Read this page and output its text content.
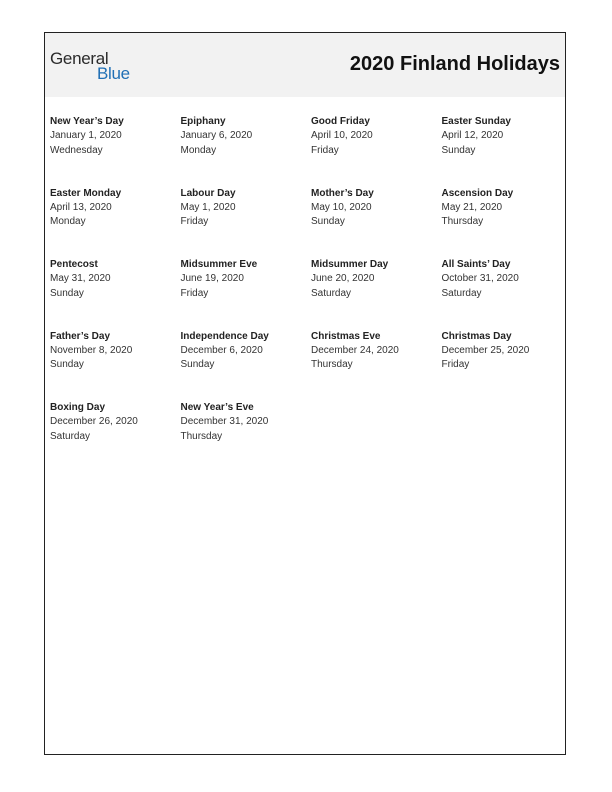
General
Blue	2020 Finland Holidays
New Year’s Day
January 1, 2020
Wednesday
Epiphany
January 6, 2020
Monday
Good Friday
April 10, 2020
Friday
Easter Sunday
April 12, 2020
Sunday
Easter Monday
April 13, 2020
Monday
Labour Day
May 1, 2020
Friday
Mother’s Day
May 10, 2020
Sunday
Ascension Day
May 21, 2020
Thursday
Pentecost
May 31, 2020
Sunday
Midsummer Eve
June 19, 2020
Friday
Midsummer Day
June 20, 2020
Saturday
All Saints’ Day
October 31, 2020
Saturday
Father’s Day
November 8, 2020
Sunday
Independence Day
December 6, 2020
Sunday
Christmas Eve
December 24, 2020
Thursday
Christmas Day
December 25, 2020
Friday
Boxing Day
December 26, 2020
Saturday
New Year’s Eve
December 31, 2020
Thursday
